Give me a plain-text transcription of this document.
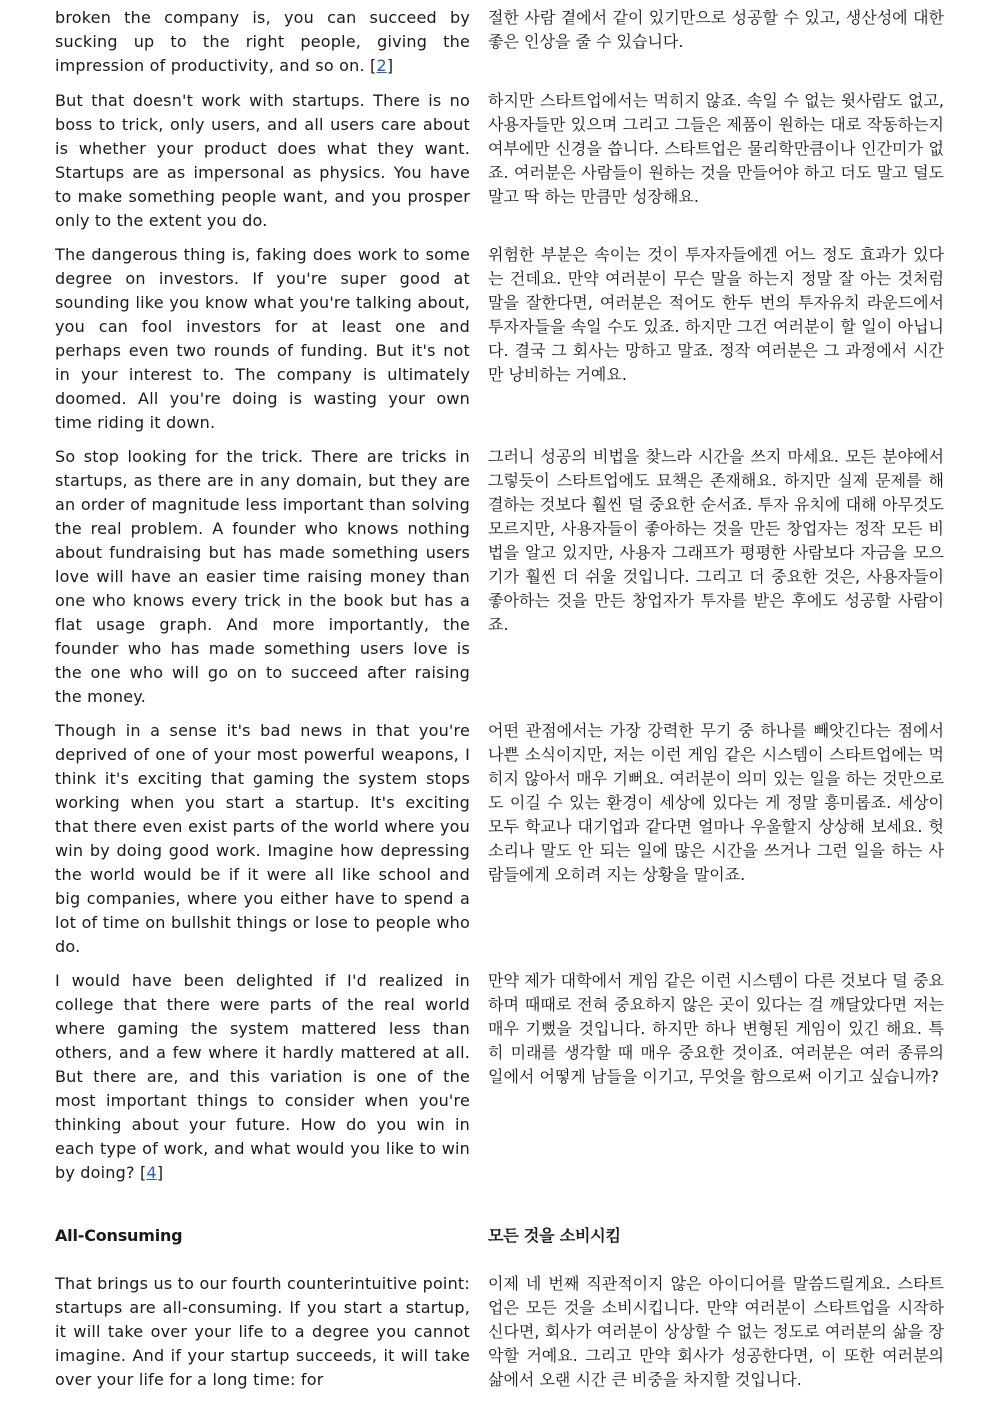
broken the company is, you can succeed by sucking up to the right people, giving the impression of productivity, and so on. [2]

절한 사람 곁에서 같이 있기만으로 성공할 수 있고, 생산성에 대한 좋은 인상을 줄 수 있습니다.

But that doesn't work with startups. There is no boss to trick, only users, and all users care about is whether your product does what they want. Startups are as impersonal as physics. You have to make something people want, and you prosper only to the extent you do.

하지만 스타트업에서는 먹히지 않죠. 속일 수 없는 윗사람도 없고, 사용자들만 있으며 그리고 그들은 제품이 원하는 대로 작동하는지 여부에만 신경을 씁니다. 스타트업은 물리학만큼이나 인간미가 없죠. 여러분은 사람들이 원하는 것을 만들어야 하고 더도 말고 덜도 말고 딱 하는 만큼만 성장해요.

The dangerous thing is, faking does work to some degree on investors. If you're super good at sounding like you know what you're talking about, you can fool investors for at least one and perhaps even two rounds of funding. But it's not in your interest to. The company is ultimately doomed. All you're doing is wasting your own time riding it down.

위험한 부분은 속이는 것이 투자자들에겐 어느 정도 효과가 있다는 건데요. 만약 여러분이 무슨 말을 하는지 정말 잘 아는 것처럼 말을 잘한다면, 여러분은 적어도 한두 번의 투자유치 라운드에서 투자자들을 속일 수도 있죠. 하지만 그건 여러분이 할 일이 아닙니다. 결국 그 회사는 망하고 말죠. 정작 여러분은 그 과정에서 시간만 낭비하는 거예요.

So stop looking for the trick. There are tricks in startups, as there are in any domain, but they are an order of magnitude less important than solving the real problem. A founder who knows nothing about fundraising but has made something users love will have an easier time raising money than one who knows every trick in the book but has a flat usage graph. And more importantly, the founder who has made something users love is the one who will go on to succeed after raising the money.

그러니 성공의 비법을 찾느라 시간을 쓰지 마세요. 모든 분야에서 그렇듯이 스타트업에도 묘책은 존재해요. 하지만 실제 문제를 해결하는 것보다 훨씬 덜 중요한 순서죠. 투자 유치에 대해 아무것도 모르지만, 사용자들이 좋아하는 것을 만든 창업자는 정작 모든 비법을 알고 있지만, 사용자 그래프가 평평한 사람보다 자금을 모으기가 훨씬 더 쉬울 것입니다. 그리고 더 중요한 것은, 사용자들이 좋아하는 것을 만든 창업자가 투자를 받은 후에도 성공할 사람이죠.

Though in a sense it's bad news in that you're deprived of one of your most powerful weapons, I think it's exciting that gaming the system stops working when you start a startup. It's exciting that there even exist parts of the world where you win by doing good work. Imagine how depressing the world would be if it were all like school and big companies, where you either have to spend a lot of time on bullshit things or lose to people who do.

어떤 관점에서는 가장 강력한 무기 중 하나를 빼앗긴다는 점에서 나쁜 소식이지만, 저는 이런 게임 같은 시스템이 스타트업에는 먹히지 않아서 매우 기뻐요. 여러분이 의미 있는 일을 하는 것만으로도 이길 수 있는 환경이 세상에 있다는 게 정말 흥미롭죠. 세상이 모두 학교나 대기업과 같다면 얼마나 우울할지 상상해 보세요. 헛소리나 말도 안 되는 일에 많은 시간을 쓰거나 그런 일을 하는 사람들에게 오히려 지는 상황을 말이죠.

I would have been delighted if I'd realized in college that there were parts of the real world where gaming the system mattered less than others, and a few where it hardly mattered at all. But there are, and this variation is one of the most important things to consider when you're thinking about your future. How do you win in each type of work, and what would you like to win by doing? [4]

만약 제가 대학에서 게임 같은 이런 시스템이 다른 것보다 덜 중요하며 때때로 전혀 중요하지 않은 곳이 있다는 걸 깨달았다면 저는 매우 기뻤을 것입니다. 하지만 하나 변형된 게임이 있긴 해요. 특히 미래를 생각할 때 매우 중요한 것이죠. 여러분은 여러 종류의 일에서 어떻게 남들을 이기고, 무엇을 함으로써 이기고 싶습니까?

All-Consuming	모든 것을 소비시킴

That brings us to our fourth counterintuitive point: startups are all-consuming. If you start a startup, it will take over your life to a degree you cannot imagine. And if your startup succeeds, it will take over your life for a long time: for

이제 네 번째 직관적이지 않은 아이디어를 말씀드릴게요. 스타트업은 모든 것을 소비시킵니다. 만약 여러분이 스타트업을 시작하신다면, 회사가 여러분이 상상할 수 없는 정도로 여러분의 삶을 장악할 거예요. 그리고 만약 회사가 성공한다면, 이 또한 여러분의 삶에서 오랜 시간 큰 비중을 차지할 것입니다.
